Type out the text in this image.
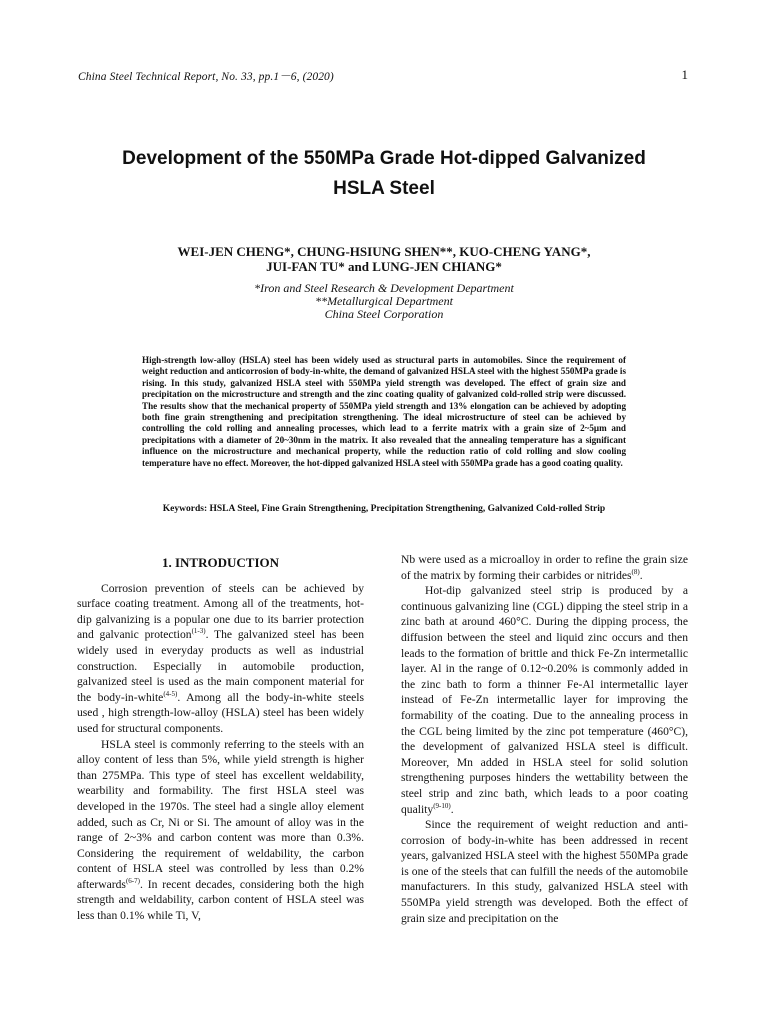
China Steel Technical Report, No. 33, pp.1－6, (2020)	1
Development of the 550MPa Grade Hot-dipped Galvanized
HSLA Steel
WEI-JEN CHENG*, CHUNG-HSIUNG SHEN**, KUO-CHENG YANG*,
JUI-FAN TU* and LUNG-JEN CHIANG*
*Iron and Steel Research & Development Department
**Metallurgical Department
China Steel Corporation
High-strength low-alloy (HSLA) steel has been widely used as structural parts in automobiles. Since the requirement of weight reduction and anticorrosion of body-in-white, the demand of galvanized HSLA steel with the highest 550MPa grade is rising. In this study, galvanized HSLA steel with 550MPa yield strength was developed. The effect of grain size and precipitation on the microstructure and strength and the zinc coating quality of galvanized cold-rolled strip were discussed. The results show that the mechanical property of 550MPa yield strength and 13% elongation can be achieved by adopting both fine grain strengthening and precipitation strengthening. The ideal microstructure of steel can be achieved by controlling the cold rolling and annealing processes, which lead to a ferrite matrix with a grain size of 2~5μm and precipitations with a diameter of 20~30nm in the matrix. It also revealed that the annealing temperature has a significant influence on the microstructure and mechanical property, while the reduction ratio of cold rolling and slow cooling temperature have no effect. Moreover, the hot-dipped galvanized HSLA steel with 550MPa grade has a good coating quality.
Keywords: HSLA Steel, Fine Grain Strengthening, Precipitation Strengthening, Galvanized Cold-rolled Strip
1. INTRODUCTION

Corrosion prevention of steels can be achieved by surface coating treatment. Among all of the treatments, hot-dip galvanizing is a popular one due to its barrier protection and galvanic protection$^{(1-3)}$. The galvanized steel has been widely used in everyday products as well as industrial construction. Especially in automobile production, galvanized steel is used as the main component material for the body-in-white$^{(4-5)}$. Among all the body-in-white steels used , high strength-low-alloy (HSLA) steel has been widely used for structural components.

HSLA steel is commonly referring to the steels with an alloy content of less than 5%, while yield strength is higher than 275MPa. This type of steel has excellent weldability, wearbility and formability. The first HSLA steel was developed in the 1970s. The steel had a single alloy element added, such as Cr, Ni or Si. The amount of alloy was in the range of 2~3% and carbon content was more than 0.3%. Considering the requirement of weldability, the carbon content of HSLA steel was controlled by less than 0.2% afterwards$^{(6-7)}$. In recent decades, considering both the high strength and weldability, carbon content of HSLA steel was less than 0.1% while Ti, V,

Nb were used as a microalloy in order to refine the grain size of the matrix by forming their carbides or nitrides$^{(8)}$.

Hot-dip galvanized steel strip is produced by a continuous galvanizing line (CGL) dipping the steel strip in a zinc bath at around 460°C. During the dipping process, the diffusion between the steel and liquid zinc occurs and then leads to the formation of brittle and thick Fe-Zn intermetallic layer. Al in the range of 0.12~0.20% is commonly added in the zinc bath to form a thinner Fe-Al intermetallic layer instead of Fe-Zn intermetallic layer for improving the formability of the coating. Due to the annealing process in the CGL being limited by the zinc pot temperature (460°C), the development of galvanized HSLA steel is difficult. Moreover, Mn added in HSLA steel for solid solution strengthening purposes hinders the wettability between the steel strip and zinc bath, which leads to a poor coating quality$^{(9-10)}$.

Since the requirement of weight reduction and anti-corrosion of body-in-white has been addressed in recent years, galvanized HSLA steel with the highest 550MPa grade is one of the steels that can fulfill the needs of the automobile manufacturers. In this study, galvanized HSLA steel with 550MPa yield strength was developed. Both the effect of grain size and precipitation on the
